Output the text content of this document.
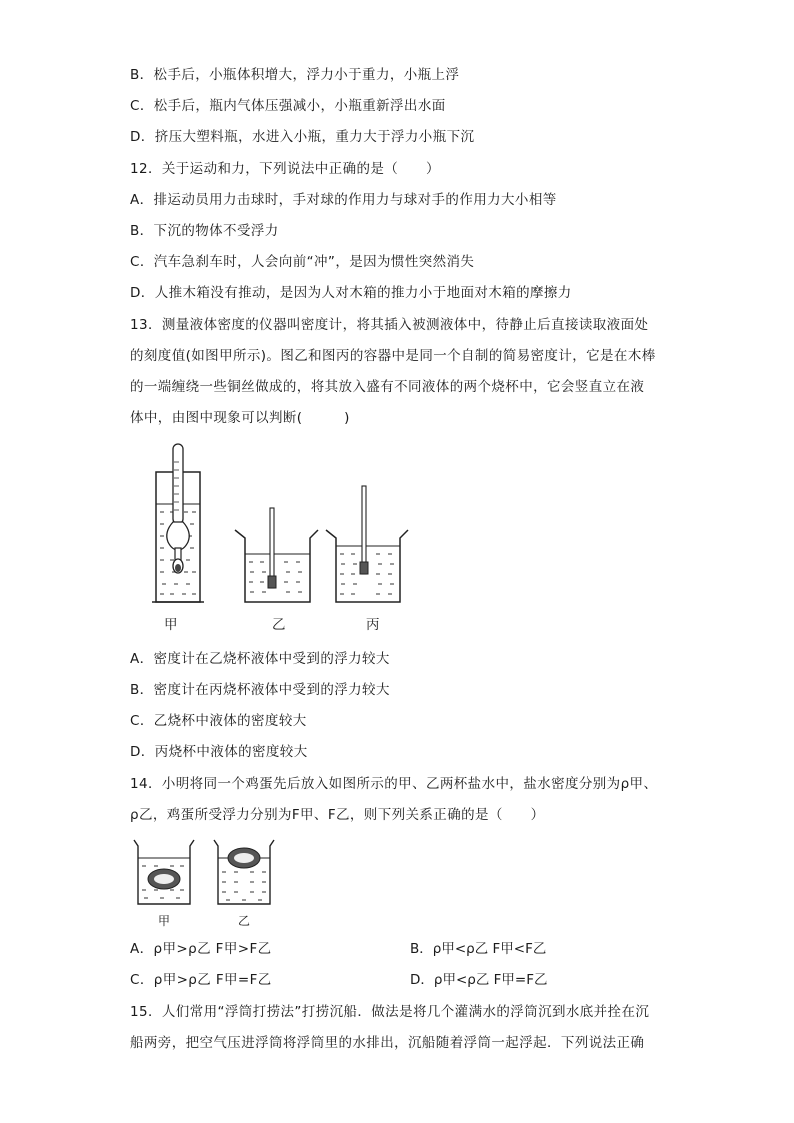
B．松手后，小瓶体积增大，浮力小于重力，小瓶上浮
C．松手后，瓶内气体压强减小，小瓶重新浮出水面
D．挤压大塑料瓶，水进入小瓶，重力大于浮力小瓶下沉
12．关于运动和力，下列说法中正确的是（　　）
A．排运动员用力击球时，手对球的作用力与球对手的作用力大小相等
B．下沉的物体不受浮力
C．汽车急刹车时，人会向前“冲”，是因为惯性突然消失
D．人推木箱没有推动，是因为人对木箱的推力小于地面对木箱的摩擦力
13．测量液体密度的仪器叫密度计，将其插入被测液体中，待静止后直接读取液面处
的刻度值(如图甲所示)。图乙和图丙的容器中是同一个自制的简易密度计，它是在木棒
的一端缠绕一些铜丝做成的，将其放入盛有不同液体的两个烧杯中，它会竖直立在液
体中，由图中现象可以判断(　　　)
甲	乙	丙
A．密度计在乙烧杯液体中受到的浮力较大
B．密度计在丙烧杯液体中受到的浮力较大
C．乙烧杯中液体的密度较大
D．丙烧杯中液体的密度较大
14．小明将同一个鸡蛋先后放入如图所示的甲、乙两杯盐水中，盐水密度分别为ρ甲、
ρ乙，鸡蛋所受浮力分别为F甲、F乙，则下列关系正确的是（　　）
甲	乙
A．ρ甲>ρ乙 F甲>F乙	B．ρ甲<ρ乙 F甲<F乙
C．ρ甲>ρ乙 F甲=F乙	D．ρ甲<ρ乙 F甲=F乙
15．人们常用“浮筒打捞法”打捞沉船．做法是将几个灌满水的浮筒沉到水底并拴在沉
船两旁，把空气压进浮筒将浮筒里的水排出，沉船随着浮筒一起浮起．下列说法正确
